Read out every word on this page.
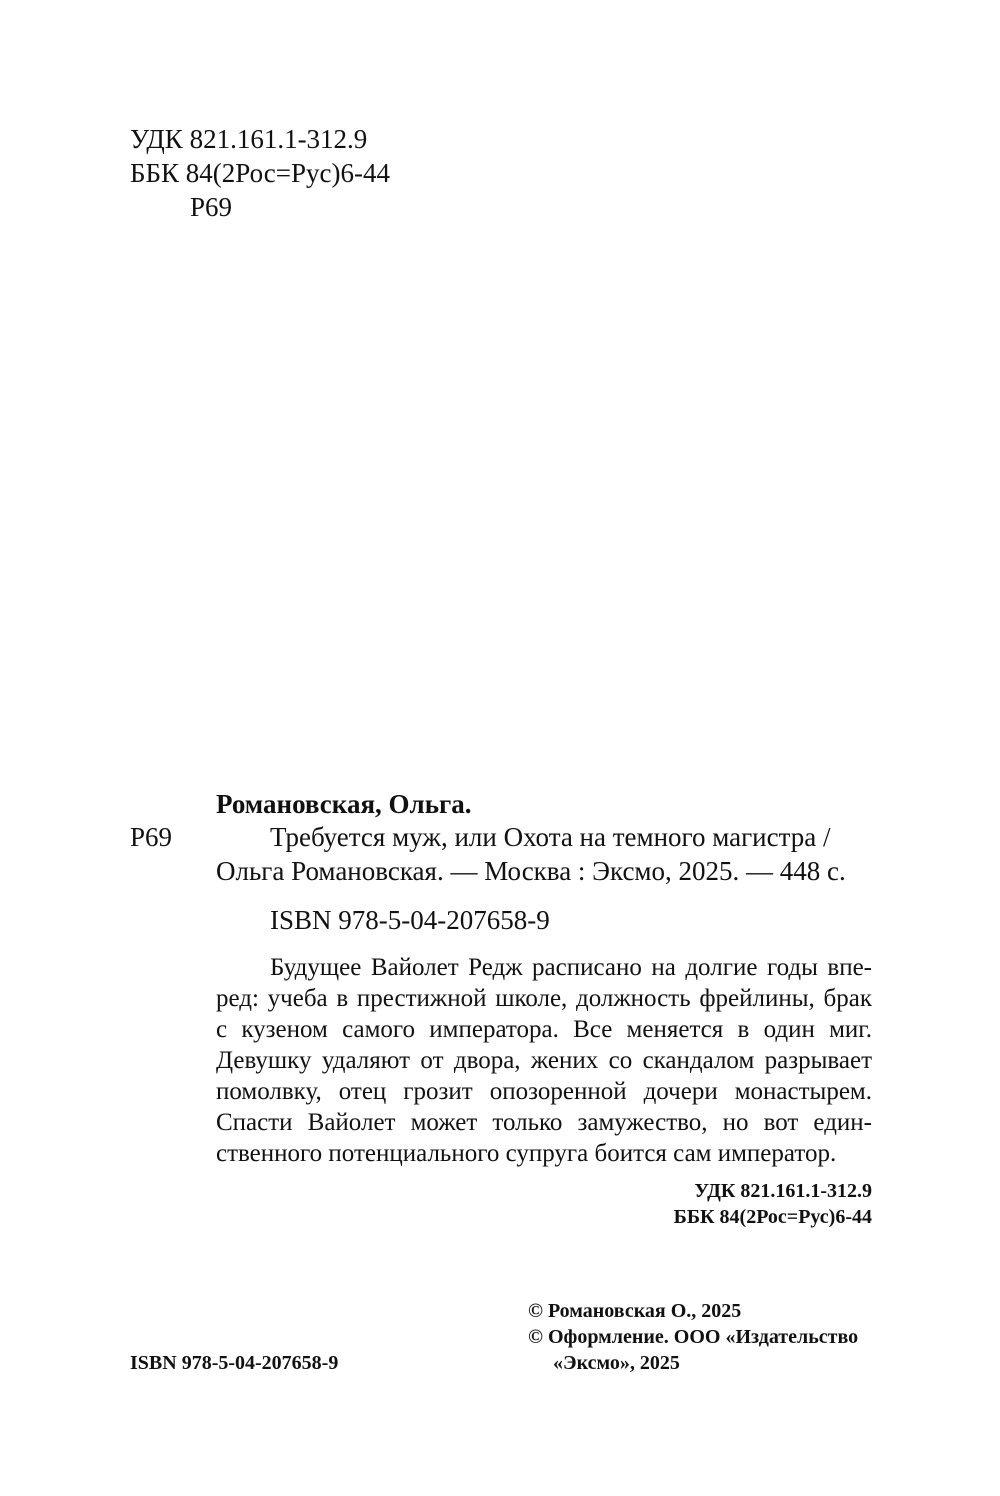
УДК 821.161.1-312.9
ББК 84(2Рос=Рус)6-44
Р69
Романовская, Ольга.
Р69	Требуется муж, или Охота на темного магистра /
Ольга Романовская. — Москва : Эксмо, 2025. — 448 с.
ISBN 978-5-04-207658-9
Будущее Вайолет Редж расписано на долгие годы впе-
ред: учеба в престижной школе, должность фрейлины, брак
с кузеном самого императора. Все меняется в один миг.
Девушку удаляют от двора, жених со скандалом разрывает
помолвку, отец грозит опозоренной дочери монастырем.
Спасти Вайолет может только замужество, но вот един-
ственного потенциального супруга боится сам император.
УДК 821.161.1-312.9
ББК 84(2Рос=Рус)6-44
ISBN 978-5-04-207658-9
© Романовская О., 2025
© Оформление. ООО «Издательство
«Эксмо», 2025
